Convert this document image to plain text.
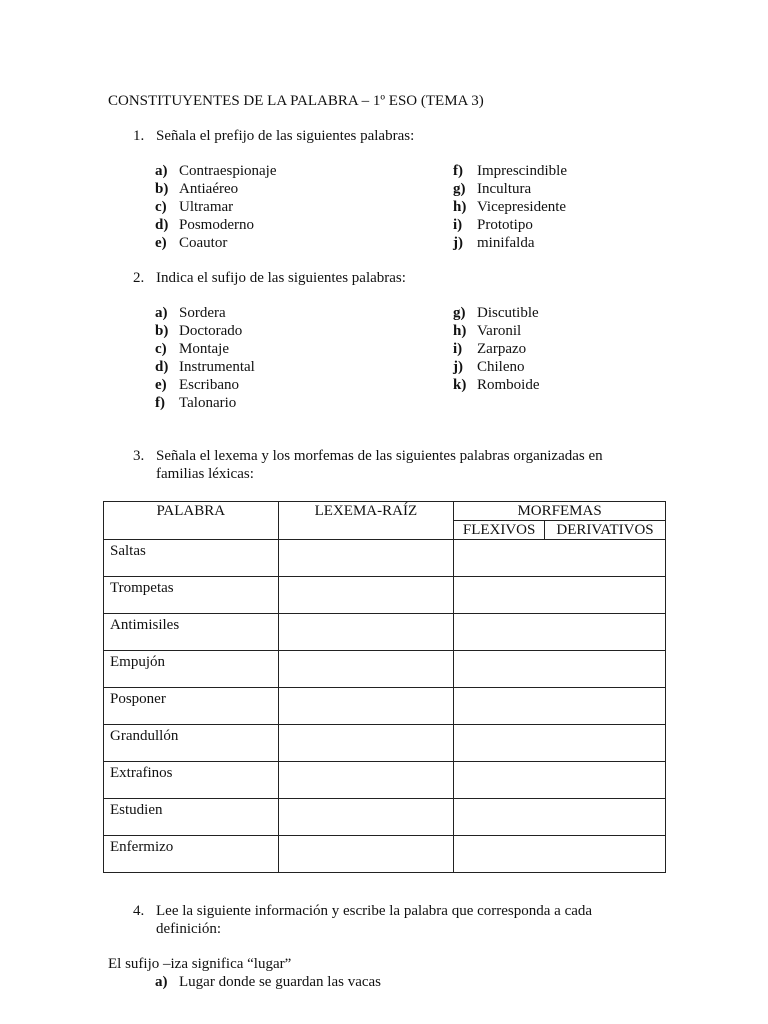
CONSTITUYENTES DE LA PALABRA – 1º ESO (TEMA 3)
1. Señala el prefijo de las siguientes palabras:
a) Contraespionaje
b) Antiaéreo
c) Ultramar
d) Posmoderno
e) Coautor
f) Imprescindible
g) Incultura
h) Vicepresidente
i) Prototipo
j) minifalda
2. Indica el sufijo de las siguientes palabras:
a) Sordera
b) Doctorado
c) Montaje
d) Instrumental
e) Escribano
f) Talonario
g) Discutible
h) Varonil
i) Zarpazo
j) Chileno
k) Romboide
3. Señala el lexema y los morfemas de las siguientes palabras organizadas en familias léxicas:
PALABRA	LEXEMA-RAÍZ	MORFEMAS	
		FLEXIVOS	DERIVATIVOS
Saltas			
Trompetas			
Antimisiles			
Empujón			
Posponer			
Grandullón			
Extrafinos			
Estudien			
Enfermizo			
4. Lee la siguiente información y escribe la palabra que corresponda a cada definición:
El sufijo –iza significa “lugar”
a) Lugar donde se guardan las vacas
